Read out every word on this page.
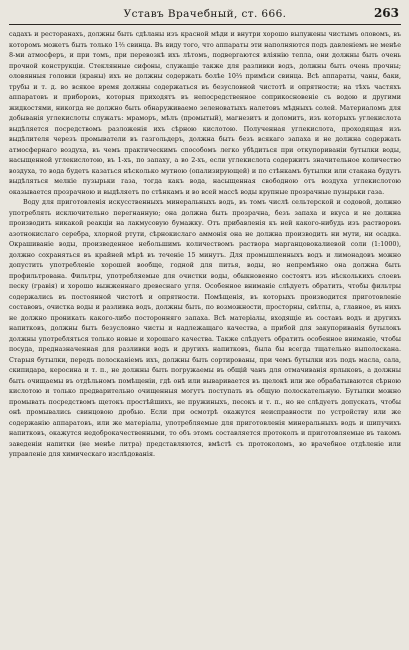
Уставъ Врачебный, ст. 666.	263

садахъ и ресторанахъ, должны быть сдѣланы изъ красной мѣди и внутри хорошо вылужены чистымъ оловомъ, въ которомъ можетъ быть только 1⅔ свинца. Въ виду того, что аппараты эти наполняются подъ давленіемъ не менѣе 8-ми атмосферъ, и при томъ, при перевозкѣ ихъ лѣтомъ, подвергаются вліянію тепла, они должны быть очень прочной конструкціи. Стеклянные сифоны, служащіе также для разливки водъ, должны быть очень прочны; оловянныя головки (краны) ихъ не должны содержать болѣе 10⅔ примѣси свинца. Всѣ аппараты, чаны, баки, трубы и т. д. во всякое время должны содержаться въ безусловной чистотѣ и опрятности; на тѣхъ частяхъ аппаратовъ и приборовъ, которыя приходятъ въ непосредственное соприкосновеніе съ водою и другими жидкостями, никогда не должно быть обнаруживаемо зеленоватыхъ налетовъ мѣдныхъ солей. Материаломъ для добыванія углекислоты служатъ: мраморъ, мѣлъ (промытый), магнезитъ и доломитъ, изъ которыхъ углекислота выдѣляется посредствомъ разложенія ихъ сѣрною кислотою. Полученная углекислота, проходящая изъ выдѣлителя черезъ промыватели въ газгольдеръ, должна быть безъ всякаго запаха и не должна содержать атмосфернаго воздуха, въ чемъ практическимъ способомъ легко убѣдиться при откупориваніи бутылки воды, насыщенной углекислотою, въ 1-хъ, по запаху, а во 2-хъ, если углекислота содержитъ значительное количество воздуха, то вода будетъ казаться нѣсколько мутною (опализирующей) и по стѣнкамъ бутылки или стакана будутъ выдѣляться мелкіе пузырьки газа, тогда какъ вода, насыщенная свободною отъ воздуха углекислотою оказывается прозрачною и выдѣляетъ по стѣнкамъ и во всей массѣ воды крупные прозрачные пузырьки газа.

Воду для приготовленія искусственныхъ минеральныхъ водъ, въ томъ числѣ сельтерской и содовой, должно употреблять исключительно перегнанную; она должна быть прозрачна, безъ запаха и вкуса и не должна производить никакой реакціи на лакмусовую бумажку. Отъ прибавленія къ ней какого-нибудь изъ растворовъ азотнокислаго серебра, хлорной ртути, сѣрнокислаго аммонія она не должна производить ни мути, ни осадка. Окрашиваніе воды, произведенное небольшимъ количествомъ раствора марганцовокалиевой соли (1:1000), должно сохраняться въ крайней мѣрѣ въ теченіе 15 минутъ. Для промышленныхъ водъ и лимонадовъ можно допустить употребленіе хорошей вообще, годной для питья, воды, но непремѣнно она должна быть профильтрована. Фильтры, употребляемые для очистки воды, обыкновенно состоятъ изъ нѣсколькихъ слоевъ песку (гравія) и хорошо выжженнаго древеснаго угля. Особенное вниманіе слѣдуетъ обратить, чтобы фильтры содержались въ постоянной чистотѣ и опрятности. Помѣщенія, въ которыхъ производится приготовленіе составовъ, очистка воды и разливка водъ, должны быть, по возможности, просторны, свѣтлы, а, главное, въ нихъ не должно проникать какого-либо посторонняго запаха. Всѣ матеріалы, входящіе въ составъ водъ и другихъ напитковъ, должны быть безусловно чисты и надлежащаго качества, а прибой для закупориванія бутылокъ должны употребляться только новые и хорошаго качества. Также слѣдуетъ обратить особенное вниманіе, чтобы посуда, предназначенная для разливки водъ и другихъ напитковъ, была бы всегда тщательно выполоскана. Старыя бутылки, передъ полосканіемъ ихъ, должны быть сортированы, при чемъ бутылки изъ подъ масла, сала, скипидара, керосина и т. п., не должны быть погружаемы въ общій чанъ для отмачиванія ярлыковъ, а должны быть очищаемы въ отдѣльномъ помѣщеніи, гдѣ онѣ или вываривается въ щелокѣ или же обрабатываются сѣрною кислотою и только предварительно очищенныя могутъ поступать въ общую полоскательную. Бутылки можно промывать посредствомъ щетокъ простѣйшихъ, не пружиныхъ, песокъ и т. п., но не слѣдуетъ допускать, чтобы онѣ промывались свинцовою дробью. Если при осмотрѣ окажутся неисправности по устройству или же содержанію аппаратовъ, или же матеріалы, употребляемые для приготовленія минеральныхъ водъ и шипучихъ напитковъ, окажутся недоброкачественными, то объ этомъ составляется протоколъ и приготовляемые въ такомъ заведеніи напитки (не менѣе литра) представляются, вмѣстѣ съ протоколомъ, во врачебное отдѣленіе или управленіе для химическаго изслѣдованія.
